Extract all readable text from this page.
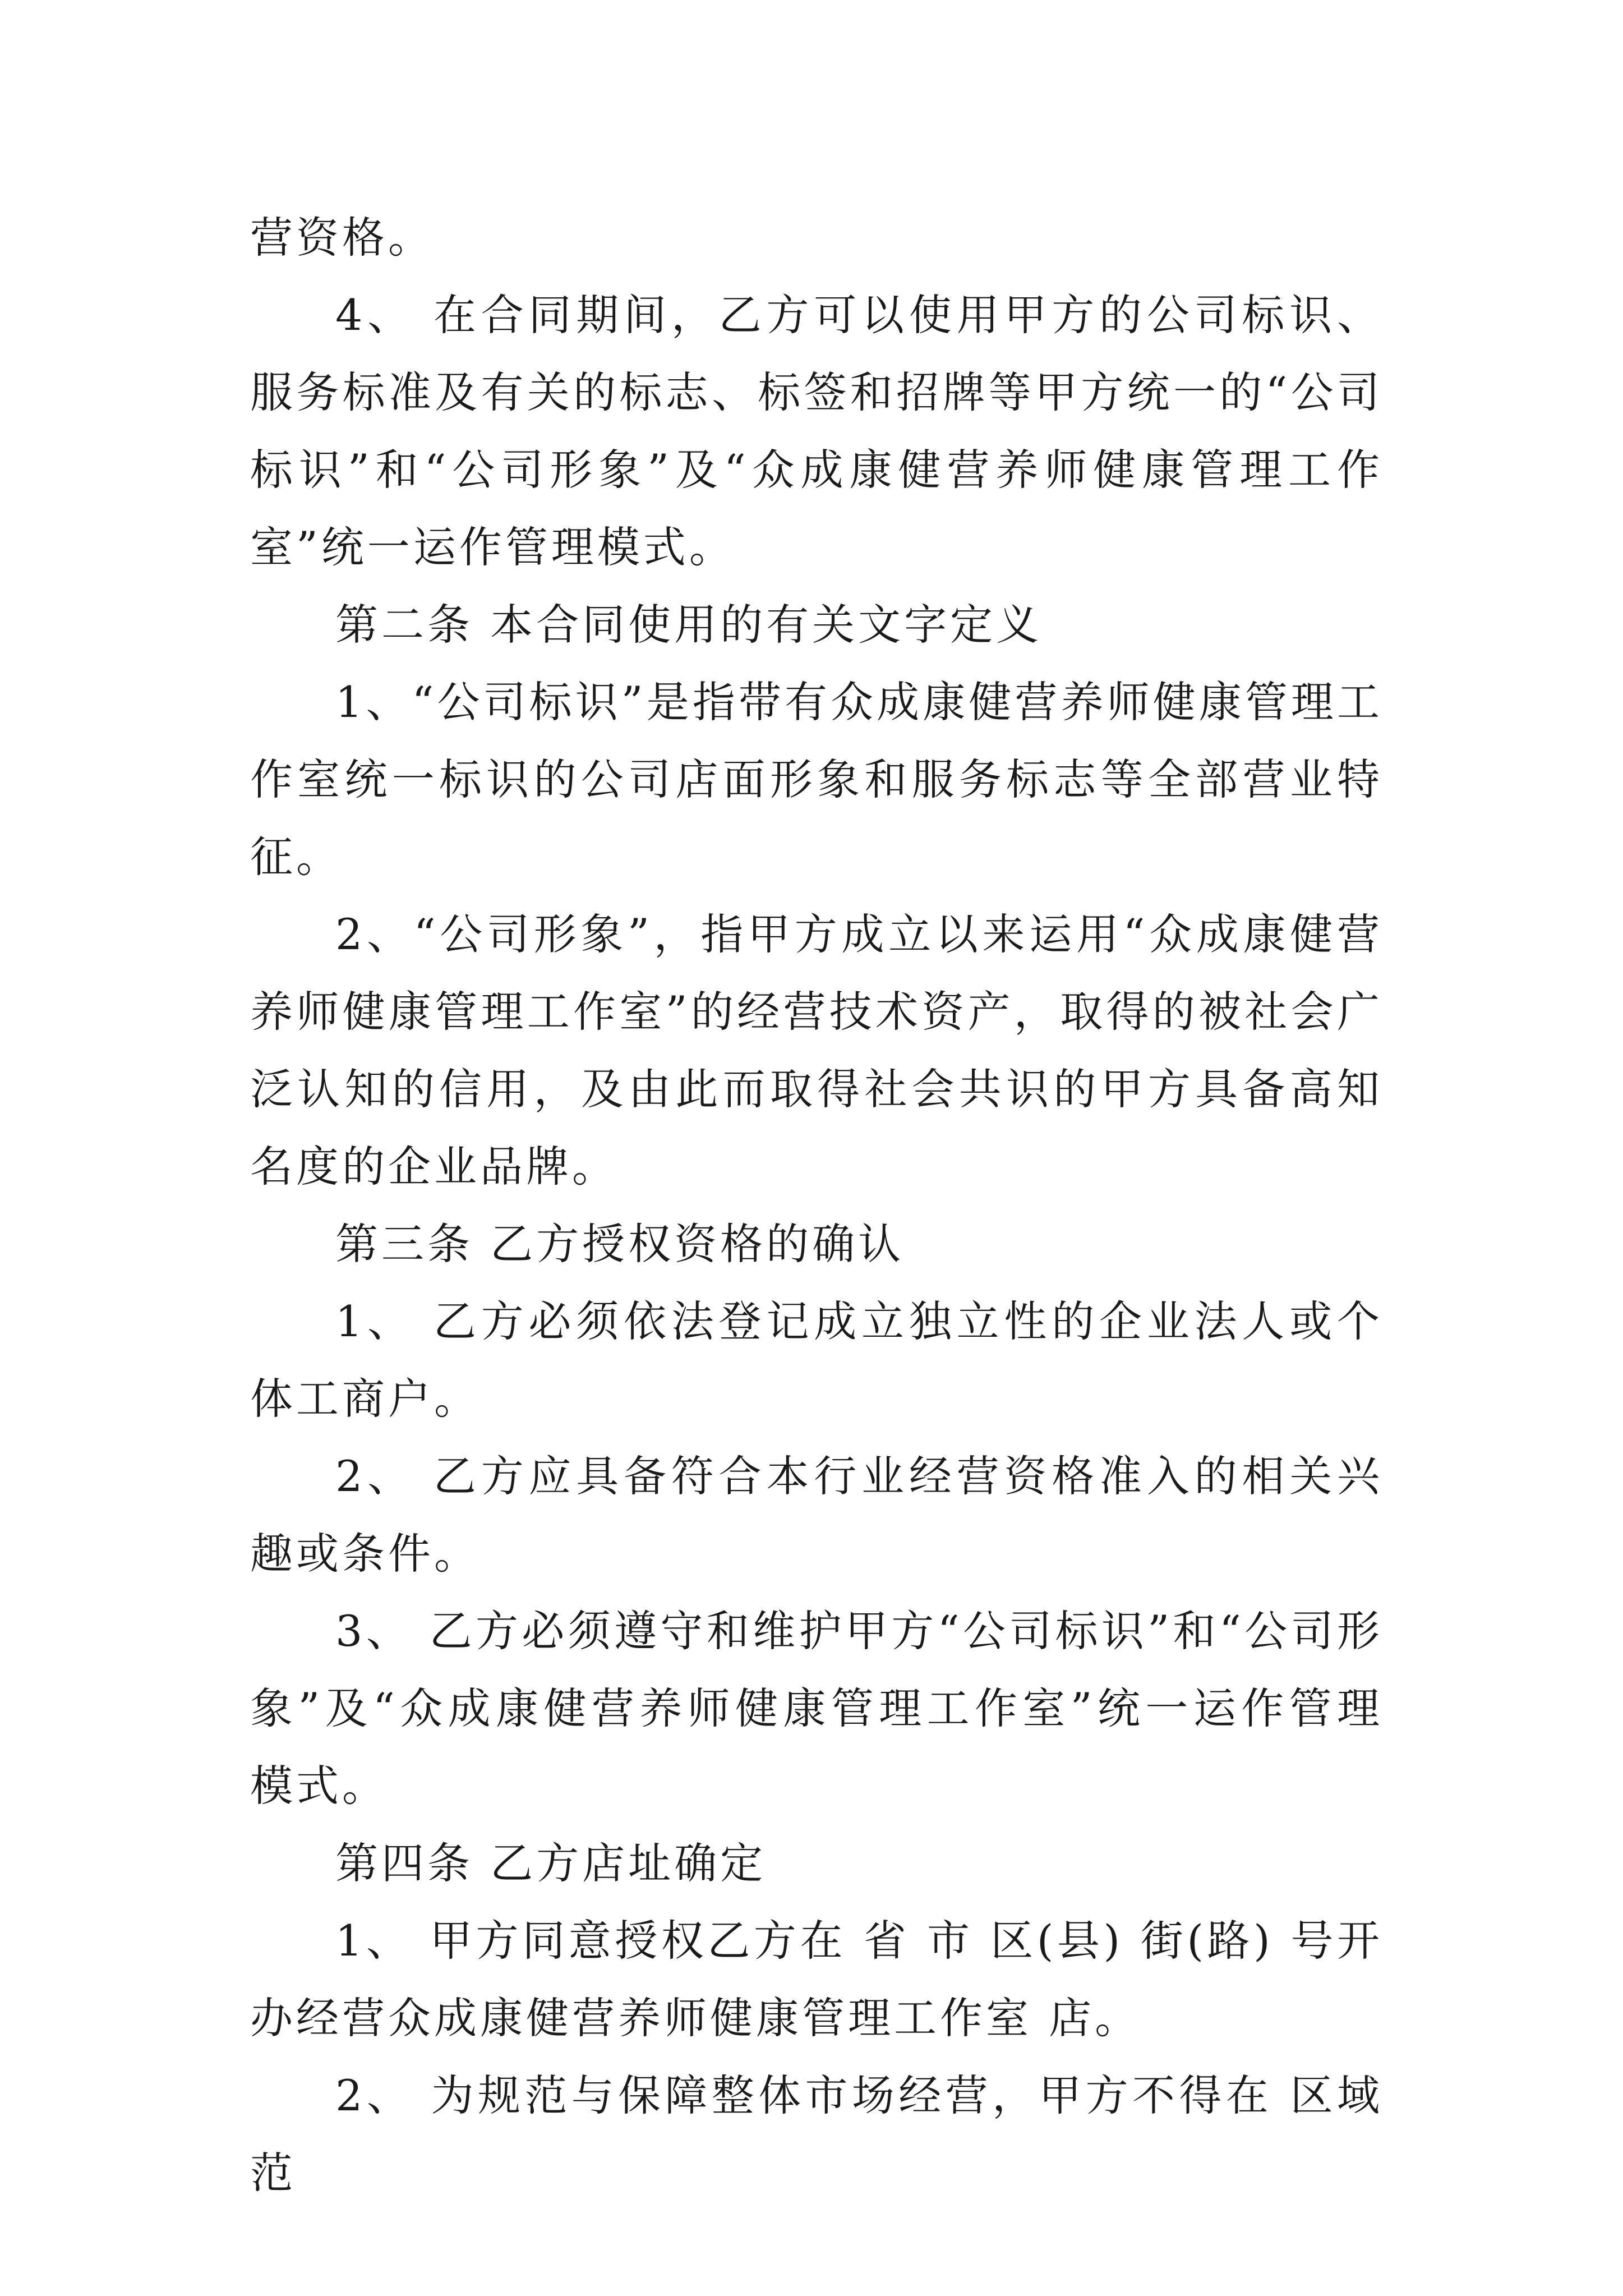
营资格。

4、 在合同期间，乙方可以使用甲方的公司标识、服务标准及有关的标志、标签和招牌等甲方统一的“公司标识”和“公司形象”及“众成康健营养师健康管理工作室”统一运作管理模式。

第二条 本合同使用的有关文字定义

1、“公司标识”是指带有众成康健营养师健康管理工作室统一标识的公司店面形象和服务标志等全部营业特征。

2、“公司形象”，指甲方成立以来运用“众成康健营养师健康管理工作室”的经营技术资产，取得的被社会广泛认知的信用，及由此而取得社会共识的甲方具备高知名度的企业品牌。

第三条 乙方授权资格的确认

1、 乙方必须依法登记成立独立性的企业法人或个体工商户。

2、 乙方应具备符合本行业经营资格准入的相关兴趣或条件。

3、 乙方必须遵守和维护甲方“公司标识”和“公司形象”及“众成康健营养师健康管理工作室”统一运作管理模式。

第四条 乙方店址确定

1、 甲方同意授权乙方在 省 市 区(县) 街(路) 号开办经营众成康健营养师健康管理工作室 店。

2、 为规范与保障整体市场经营，甲方不得在 区域范
